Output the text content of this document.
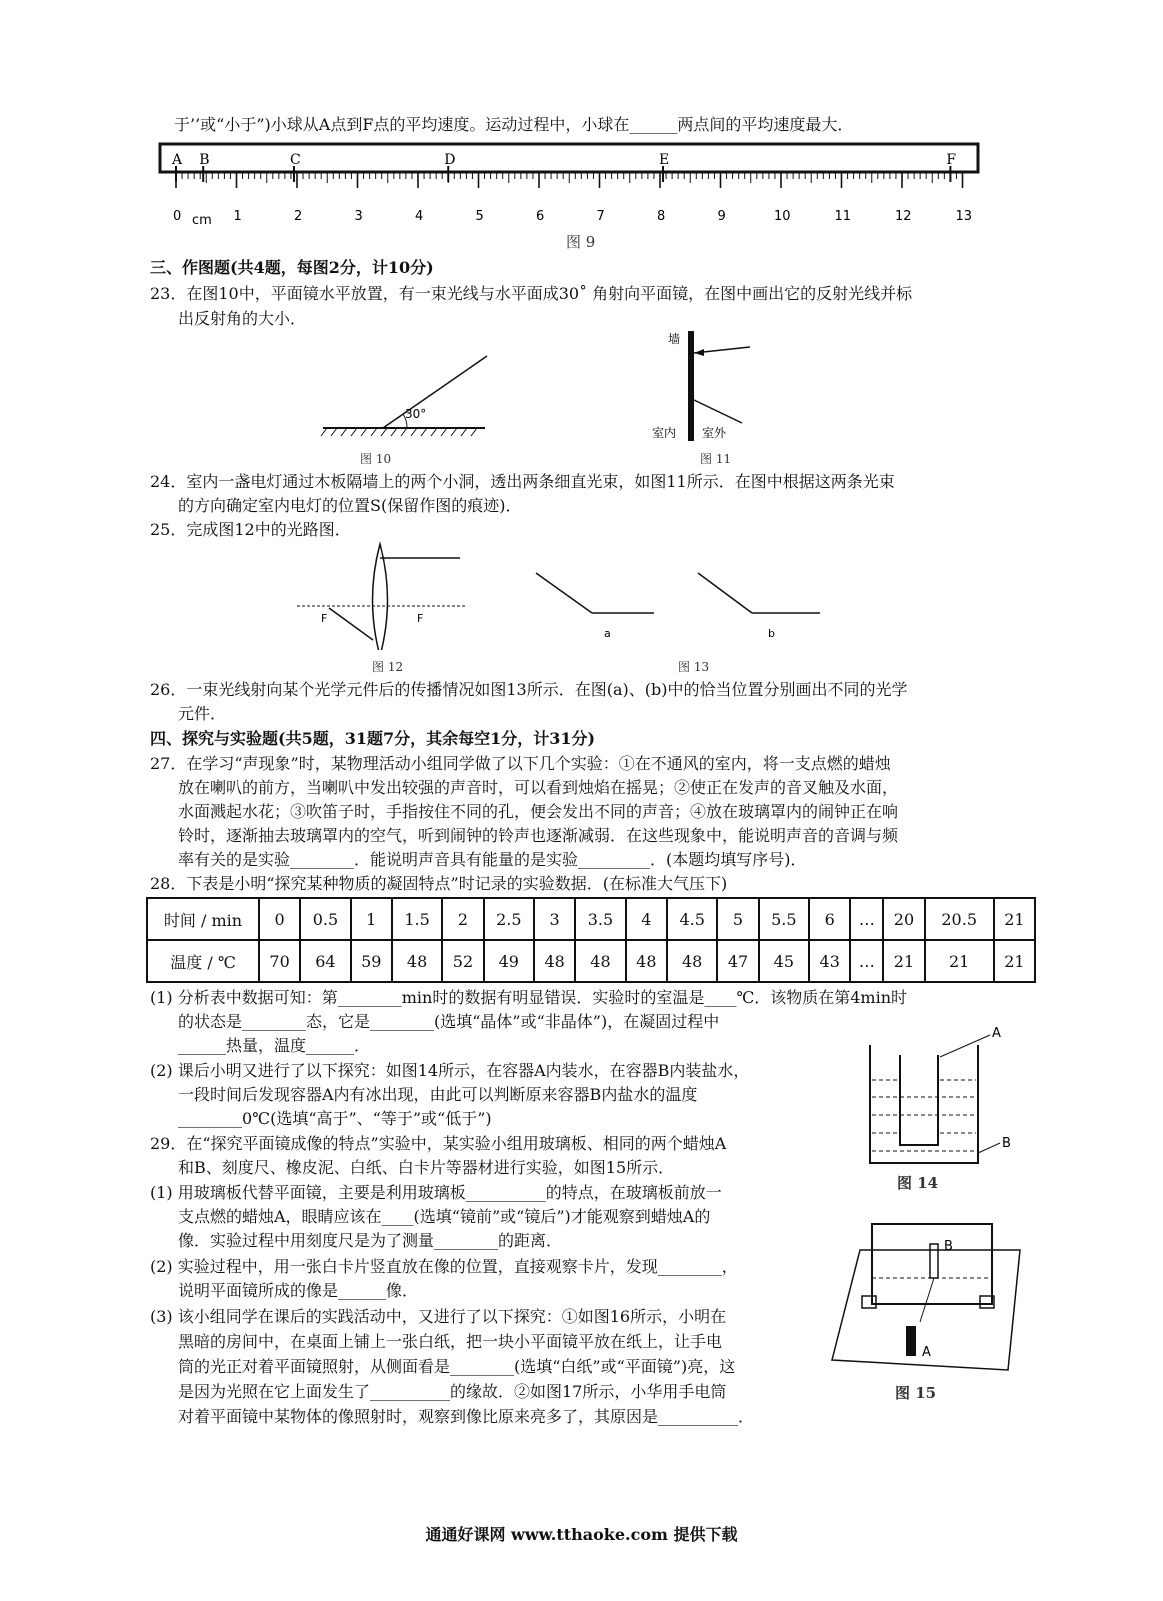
于’’或“小于”)小球从A点到F点的平均速度。运动过程中，小球在______两点间的平均速度最大．
0	1	2	3	4	5	6	7	8	9	10	11	12	13
cm
A B	C	D	E	F
图 9
三、作图题(共4题，每图2分，计10分)
23．在图10中，平面镜水平放置，有一束光线与水平面成30˚ 角射向平面镜，在图中画出它的反射光线并标
出反射角的大小．
30°
图 10
墙
室内 室外
图 11
24．室内一盏电灯通过木板隔墙上的两个小洞，透出两条细直光束，如图11所示．在图中根据这两条光束
的方向确定室内电灯的位置S(保留作图的痕迹)．
25．完成图12中的光路图．
F	F
图 12
a	b
图 13
26．一束光线射向某个光学元件后的传播情况如图13所示．在图(a)、(b)中的恰当位置分别画出不同的光学
元件．
四、探究与实验题(共5题，31题7分，其余每空1分，计31分)
27．在学习“声现象”时，某物理活动小组同学做了以下几个实验：①在不通风的室内，将一支点燃的蜡烛
放在喇叭的前方，当喇叭中发出较强的声音时，可以看到烛焰在摇晃；②使正在发声的音叉触及水面，
水面溅起水花；③吹笛子时，手指按住不同的孔，便会发出不同的声音；④放在玻璃罩内的闹钟正在响
铃时，逐渐抽去玻璃罩内的空气，听到闹钟的铃声也逐渐减弱．在这些现象中，能说明声音的音调与频
率有关的是实验________．能说明声音具有能量的是实验_________．(本题均填写序号)．
28．下表是小明“探究某种物质的凝固特点”时记录的实验数据．(在标准大气压下)
时间 / min	0	0.5	1	1.5	2	2.5	3	3.5	4	4.5	5	5.5	6	…	20	20.5	21
温度 / ℃	70	64	59	48	52	49	48	48	48	48	47	45	43	…	21	21	21
(1) 分析表中数据可知：第________min时的数据有明显错误．实验时的室温是____℃．该物质在第4min时
的状态是________态，它是________(选填“晶体”或“非晶体”)，在凝固过程中
______热量，温度______．
(2) 课后小明又进行了以下探究：如图14所示，在容器A内装水，在容器B内装盐水，
一段时间后发现容器A内有冰出现，由此可以判断原来容器B内盐水的温度
________0℃(选填“高于”、“等于”或“低于”)
29．在“探究平面镜成像的特点”实验中，某实验小组用玻璃板、相同的两个蜡烛A
和B、刻度尺、橡皮泥、白纸、白卡片等器材进行实验，如图15所示．
(1) 用玻璃板代替平面镜，主要是利用玻璃板__________的特点，在玻璃板前放一
支点燃的蜡烛A，眼睛应该在____(选填“镜前”或“镜后”)才能观察到蜡烛A的
像．实验过程中用刻度尺是为了测量________的距离．
(2) 实验过程中，用一张白卡片竖直放在像的位置，直接观察卡片，发现________，
说明平面镜所成的像是______像．
(3) 该小组同学在课后的实践活动中，又进行了以下探究：①如图16所示，小明在
黑暗的房间中，在桌面上铺上一张白纸，把一块小平面镜平放在纸上，让手电
筒的光正对着平面镜照射，从侧面看是________(选填“白纸”或“平面镜”)亮，这
是因为光照在它上面发生了__________的缘故．②如图17所示，小华用手电筒
对着平面镜中某物体的像照射时，观察到像比原来亮多了，其原因是__________．
A
B
图 14
B
A
图 15
通通好课网 www.tthaoke.com 提供下载
